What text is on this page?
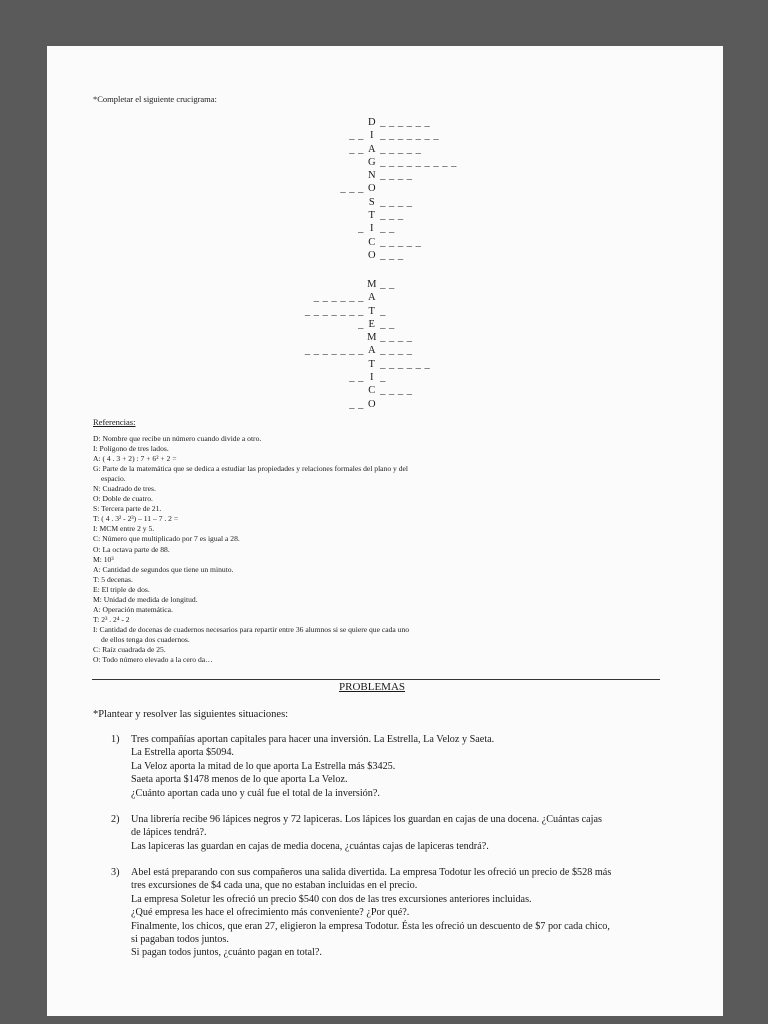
*Completar el siguiente crucigrama:
D _ _ _ _ _ _
_ _ I _ _ _ _ _ _ _
_ _ A _ _ _ _ _
G _ _ _ _ _ _ _ _ _
N _ _ _ _
_ _ _ O
S _ _ _ _
T _ _ _
_ I _ _
C _ _ _ _ _
O _ _ _
M _ _
_ _ _ _ _ _ A
_ _ _ _ _ _ _ T _
_ E _ _
M _ _ _ _
_ _ _ _ _ _ _ A _ _ _ _
T _ _ _ _ _ _
_ _ I _
C _ _ _ _
_ _ O
Referencias:
D: Nombre que recibe un número cuando divide a otro.
I: Polígono de tres lados.
A: ( 4 . 3 + 2) : 7 + 6² + 2 =
G: Parte de la matemática que se dedica a estudiar las propiedades y relaciones formales del plano y del
espacio.
N: Cuadrado de tres.
O: Doble de cuatro.
S: Tercera parte de 21.
T: ( 4 . 3² - 2³) – 11 – 7 . 2 =
I: MCM entre 2 y 5.
C: Número que multiplicado por 7 es igual a 28.
O: La octava parte de 88.
M: 10³
A: Cantidad de segundos que tiene un minuto.
T: 5 decenas.
E: El triple de dos.
M: Unidad de medida de longitud.
A: Operación matemática.
T: 2³ . 2⁴ - 2
I: Cantidad de docenas de cuadernos necesarios para repartir entre 36 alumnos si se quiere que cada uno
de ellos tenga dos cuadernos.
C: Raíz cuadrada de 25.
O: Todo número elevado a la cero da…
PROBLEMAS
*Plantear y resolver las siguientes situaciones:
1) Tres compañías aportan capitales para hacer una inversión. La Estrella, La Veloz y Saeta.
La Estrella aporta $5094.
La Veloz aporta la mitad de lo que aporta La Estrella más $3425.
Saeta aporta $1478 menos de lo que aporta La Veloz.
¿Cuánto aportan cada uno y cuál fue el total de la inversión?.
2) Una librería recibe 96 lápices negros y 72 lapiceras. Los lápices los guardan en cajas de una docena. ¿Cuántas cajas
de lápices tendrá?.
Las lapiceras las guardan en cajas de media docena, ¿cuántas cajas de lapiceras tendrá?.
3) Abel está preparando con sus compañeros una salida divertida. La empresa Todotur les ofreció un precio de $528 más
tres excursiones de $4 cada una, que no estaban incluidas en el precio.
La empresa Soletur les ofreció un precio $540 con dos de las tres excursiones anteriores incluidas.
¿Qué empresa les hace el ofrecimiento más conveniente? ¿Por qué?.
Finalmente, los chicos, que eran 27, eligieron la empresa Todotur. Ésta les ofreció un descuento de $7 por cada chico,
si pagaban todos juntos.
Si pagan todos juntos, ¿cuánto pagan en total?.
